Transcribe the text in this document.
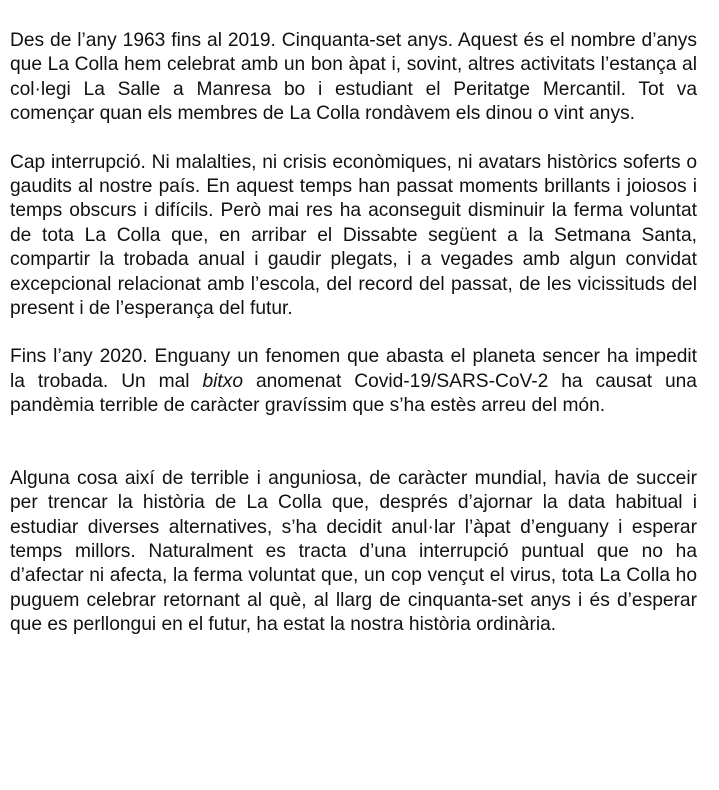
Des de l’any 1963 fins al 2019. Cinquanta-set anys. Aquest és el nombre d’anys que La Colla hem celebrat amb un bon àpat i, sovint, altres activitats l’estança al col·legi La Salle a Manresa bo i estudiant el Peritatge Mercantil. Tot va començar quan els membres de La Colla rondàvem els dinou o vint anys.

Cap interrupció. Ni malalties, ni crisis econòmiques, ni avatars històrics soferts o gaudits al nostre país. En aquest temps han passat moments brillants i joiosos i temps obscurs i difícils. Però mai res ha aconseguit disminuir la ferma voluntat de tota La Colla que, en arribar el Dissabte següent a la Setmana Santa, compartir la trobada anual i gaudir plegats, i a vegades amb algun convidat excepcional relacionat amb l’escola, del record del passat, de les vicissituds del present i de l’esperança del futur.

Fins l’any 2020. Enguany un fenomen que abasta el planeta sencer ha impedit la trobada. Un mal bitxo anomenat Covid-19/SARS-CoV-2 ha causat una pandèmia terrible de caràcter gravíssim que s’ha estès arreu del món.

Alguna cosa així de terrible i anguniosa, de caràcter mundial, havia de succeir per trencar la història de La Colla que, després d’ajornar la data habitual i estudiar diverses alternatives, s’ha decidit anul·lar l’àpat d’enguany i esperar temps millors. Naturalment es tracta d’una interrupció puntual que no ha d’afectar ni afecta, la ferma voluntat que, un cop vençut el virus, tota La Colla ho puguem celebrar retornant al què, al llarg de cinquanta-set anys i és d’esperar que es perllongui en el futur, ha estat la nostra història ordinària.
